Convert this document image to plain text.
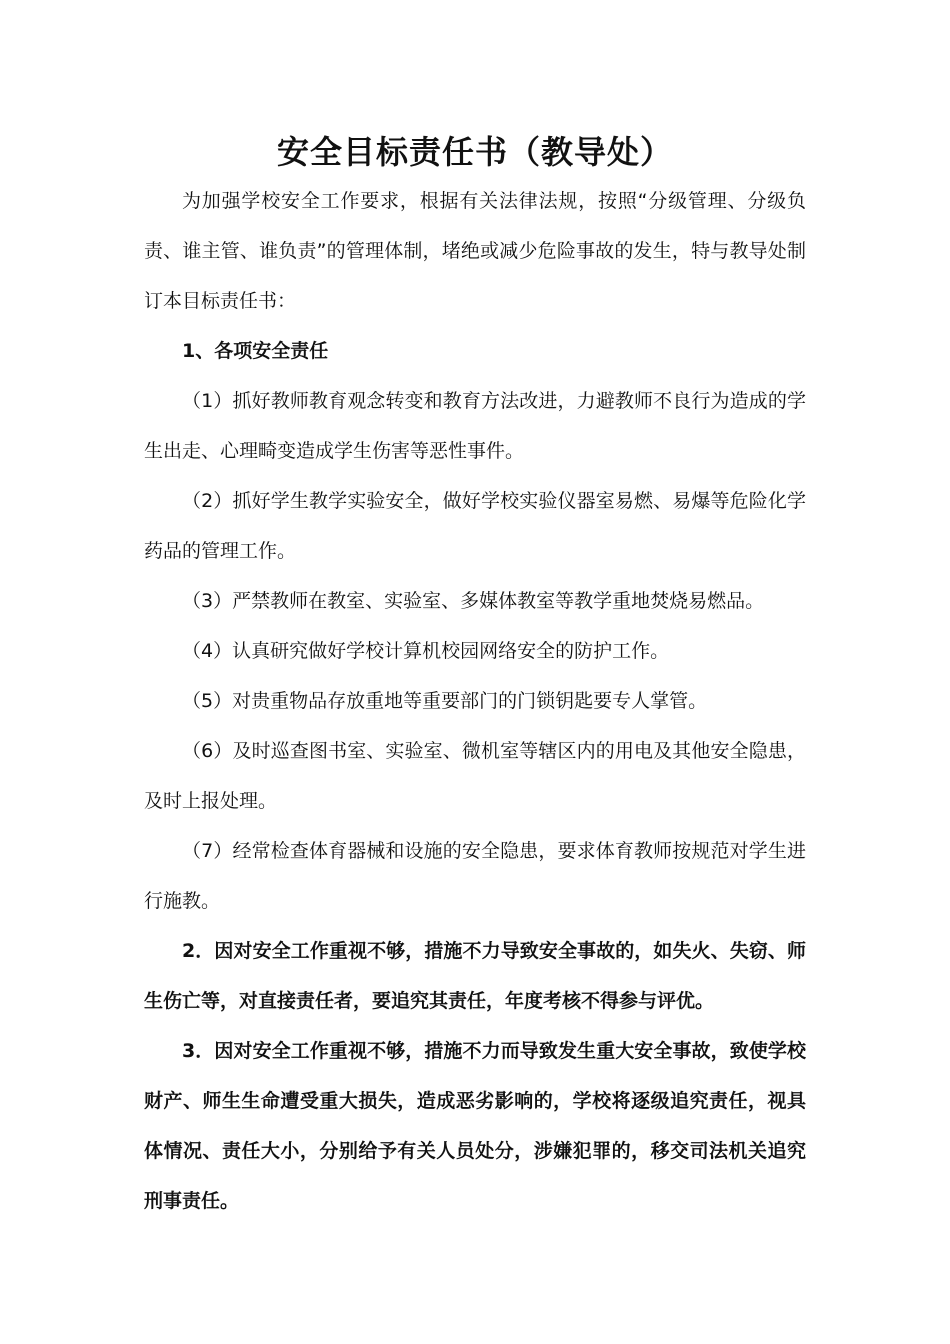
安全目标责任书（教导处）

为加强学校安全工作要求，根据有关法律法规，按照“分级管理、分级负责、谁主管、谁负责”的管理体制，堵绝或减少危险事故的发生，特与教导处制订本目标责任书：

1、各项安全责任

（1）抓好教师教育观念转变和教育方法改进，力避教师不良行为造成的学生出走、心理畸变造成学生伤害等恶性事件。

（2）抓好学生教学实验安全，做好学校实验仪器室易燃、易爆等危险化学药品的管理工作。

（3）严禁教师在教室、实验室、多媒体教室等教学重地焚烧易燃品。

（4）认真研究做好学校计算机校园网络安全的防护工作。

（5）对贵重物品存放重地等重要部门的门锁钥匙要专人掌管。

（6）及时巡查图书室、实验室、微机室等辖区内的用电及其他安全隐患，及时上报处理。

（7）经常检查体育器械和设施的安全隐患，要求体育教师按规范对学生进行施教。

2．因对安全工作重视不够，措施不力导致安全事故的，如失火、失窃、师生伤亡等，对直接责任者，要追究其责任，年度考核不得参与评优。

3．因对安全工作重视不够，措施不力而导致发生重大安全事故，致使学校财产、师生生命遭受重大损失，造成恶劣影响的，学校将逐级追究责任，视具体情况、责任大小，分别给予有关人员处分，涉嫌犯罪的，移交司法机关追究刑事责任。
